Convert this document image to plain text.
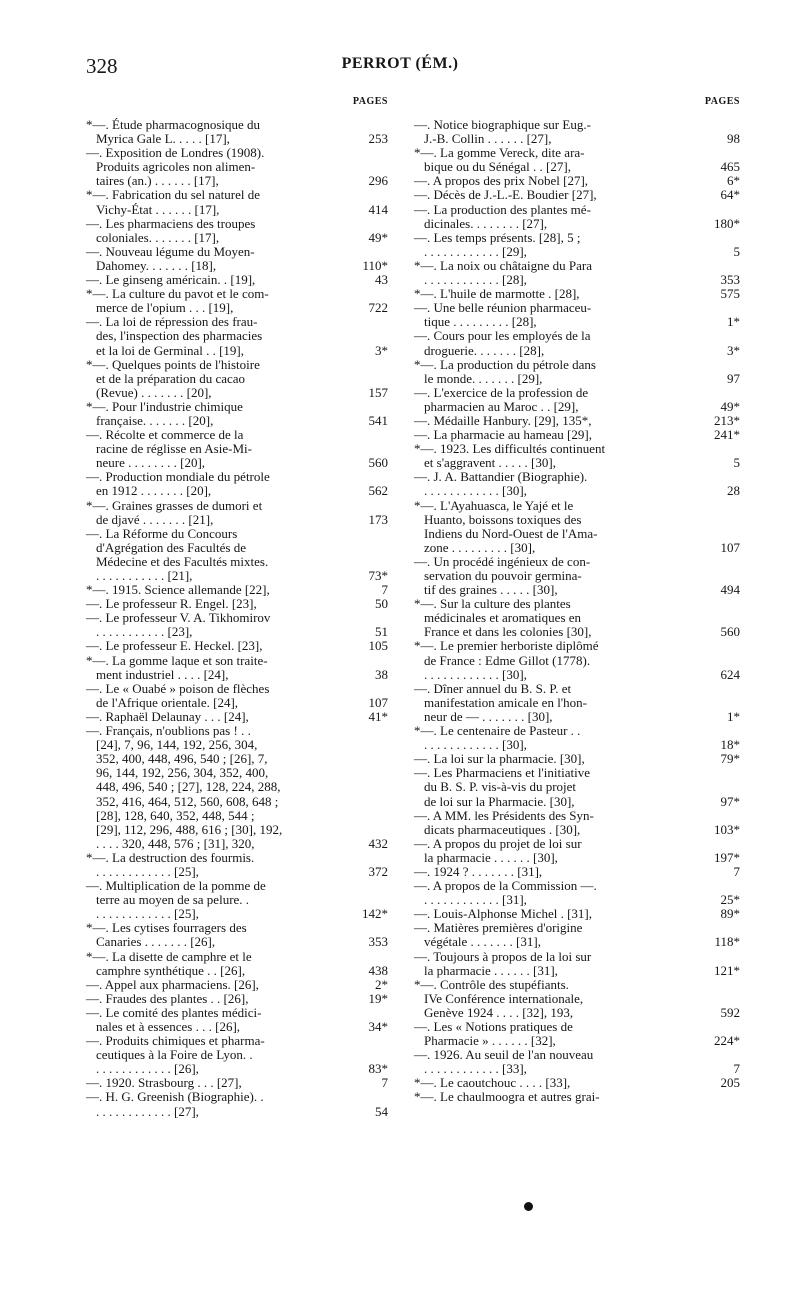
328	PERROT (ÉM.)
PAGES
*—. Étude pharmacognosique du
Myrica Gale L. . . . . [17],	253
—. Exposition de Londres (1908).
Produits agricoles non alimen-
taires (an.) . . . . . . [17],	296
*—. Fabrication du sel naturel de
Vichy-État . . . . . . [17],	414
—. Les pharmaciens des troupes
coloniales. . . . . . . [17],	49*
—. Nouveau légume du Moyen-
Dahomey. . . . . . . [18],	110*
—. Le ginseng américain. . [19],	43
*—. La culture du pavot et le com-
merce de l'opium . . . [19],	722
—. La loi de répression des frau-
des, l'inspection des pharmacies
et la loi de Germinal . . [19],	3*
*—. Quelques points de l'histoire
et de la préparation du cacao
(Revue) . . . . . . . [20],	157
*—. Pour l'industrie chimique
française. . . . . . . [20],	541
—. Récolte et commerce de la
racine de réglisse en Asie-Mi-
neure . . . . . . . . [20],	560
—. Production mondiale du pétrole
en 1912 . . . . . . . [20],	562
*—. Graines grasses de dumori et
de djavé . . . . . . . [21],	173
—. La Réforme du Concours
d'Agrégation des Facultés de
Médecine et des Facultés mixtes.
. . . . . . . . . . . [21],	73*
*—. 1915. Science allemande [22],	7
—. Le professeur R. Engel. [23],	50
—. Le professeur V. A. Tikhomirov
. . . . . . . . . . . [23],	51
—. Le professeur E. Heckel. [23],	105
*—. La gomme laque et son traite-
ment industriel . . . . [24],	38
—. Le « Ouabé » poison de flèches
de l'Afrique orientale. [24],	107
—. Raphaël Delaunay . . . [24],	41*
—. Français, n'oublions pas ! . .
[24], 7, 96, 144, 192, 256, 304,
352, 400, 448, 496, 540 ; [26], 7,
96, 144, 192, 256, 304, 352, 400,
448, 496, 540 ; [27], 128, 224, 288,
352, 416, 464, 512, 560, 608, 648 ;
[28], 128, 640, 352, 448, 544 ;
[29], 112, 296, 488, 616 ; [30], 192,
. . . . 320, 448, 576 ; [31], 320,	432
*—. La destruction des fourmis.
. . . . . . . . . . . . [25],	372
—. Multiplication de la pomme de
terre au moyen de sa pelure. .
. . . . . . . . . . . . [25],	142*
*—. Les cytises fourragers des
Canaries . . . . . . . [26],	353
*—. La disette de camphre et le
camphre synthétique . . [26],	438
—. Appel aux pharmaciens. [26],	2*
—. Fraudes des plantes . . [26],	19*
—. Le comité des plantes médici-
nales et à essences . . . [26],	34*
—. Produits chimiques et pharma-
ceutiques à la Foire de Lyon. .
. . . . . . . . . . . . [26],	83*
—. 1920. Strasbourg . . . [27],	7
—. H. G. Greenish (Biographie). .
. . . . . . . . . . . . [27],	54
PAGES
—. Notice biographique sur Eug.-
J.-B. Collin . . . . . . [27],	98
*—. La gomme Vereck, dite ara-
bique ou du Sénégal . . [27],	465
—. A propos des prix Nobel [27],	6*
—. Décès de J.-L.-E. Boudier [27],	64*
—. La production des plantes mé-
dicinales. . . . . . . . [27],	180*
—. Les temps présents. [28], 5 ;
. . . . . . . . . . . . [29],	5
*—. La noix ou châtaigne du Para
. . . . . . . . . . . . [28],	353
*—. L'huile de marmotte . [28],	575
—. Une belle réunion pharmaceu-
tique . . . . . . . . . [28],	1*
—. Cours pour les employés de la
droguerie. . . . . . . [28],	3*
*—. La production du pétrole dans
le monde. . . . . . . [29],	97
—. L'exercice de la profession de
pharmacien au Maroc . . [29],	49*
—. Médaille Hanbury. [29], 135*,	213*
—. La pharmacie au hameau [29],	241*
*—. 1923. Les difficultés continuent
et s'aggravent . . . . . [30],	5
—. J. A. Battandier (Biographie).
. . . . . . . . . . . . [30],	28
*—. L'Ayahuasca, le Yajé et le
Huanto, boissons toxiques des
Indiens du Nord-Ouest de l'Ama-
zone . . . . . . . . . [30],	107
—. Un procédé ingénieux de con-
servation du pouvoir germina-
tif des graines . . . . . [30],	494
*—. Sur la culture des plantes
médicinales et aromatiques en
France et dans les colonies [30],	560
*—. Le premier herboriste diplômé
de France : Edme Gillot (1778).
. . . . . . . . . . . . [30],	624
—. Dîner annuel du B. S. P. et
manifestation amicale en l'hon-
neur de — . . . . . . . [30],	1*
*—. Le centenaire de Pasteur . .
. . . . . . . . . . . . [30],	18*
—. La loi sur la pharmacie. [30],	79*
—. Les Pharmaciens et l'initiative
du B. S. P. vis-à-vis du projet
de loi sur la Pharmacie. [30],	97*
—. A MM. les Présidents des Syn-
dicats pharmaceutiques . [30],	103*
—. A propos du projet de loi sur
la pharmacie . . . . . . [30],	197*
—. 1924 ? . . . . . . . [31],	7
—. A propos de la Commission —.
. . . . . . . . . . . . [31],	25*
—. Louis-Alphonse Michel . [31],	89*
—. Matières premières d'origine
végétale . . . . . . . [31],	118*
—. Toujours à propos de la loi sur
la pharmacie . . . . . . [31],	121*
*—. Contrôle des stupéfiants.
IVe Conférence internationale,
Genève 1924 . . . . [32], 193,	592
—. Les « Notions pratiques de
Pharmacie » . . . . . . [32],	224*
—. 1926. Au seuil de l'an nouveau
. . . . . . . . . . . . [33],	7
*—. Le caoutchouc . . . . [33],	205
*—. Le chaulmoogra et autres grai-
